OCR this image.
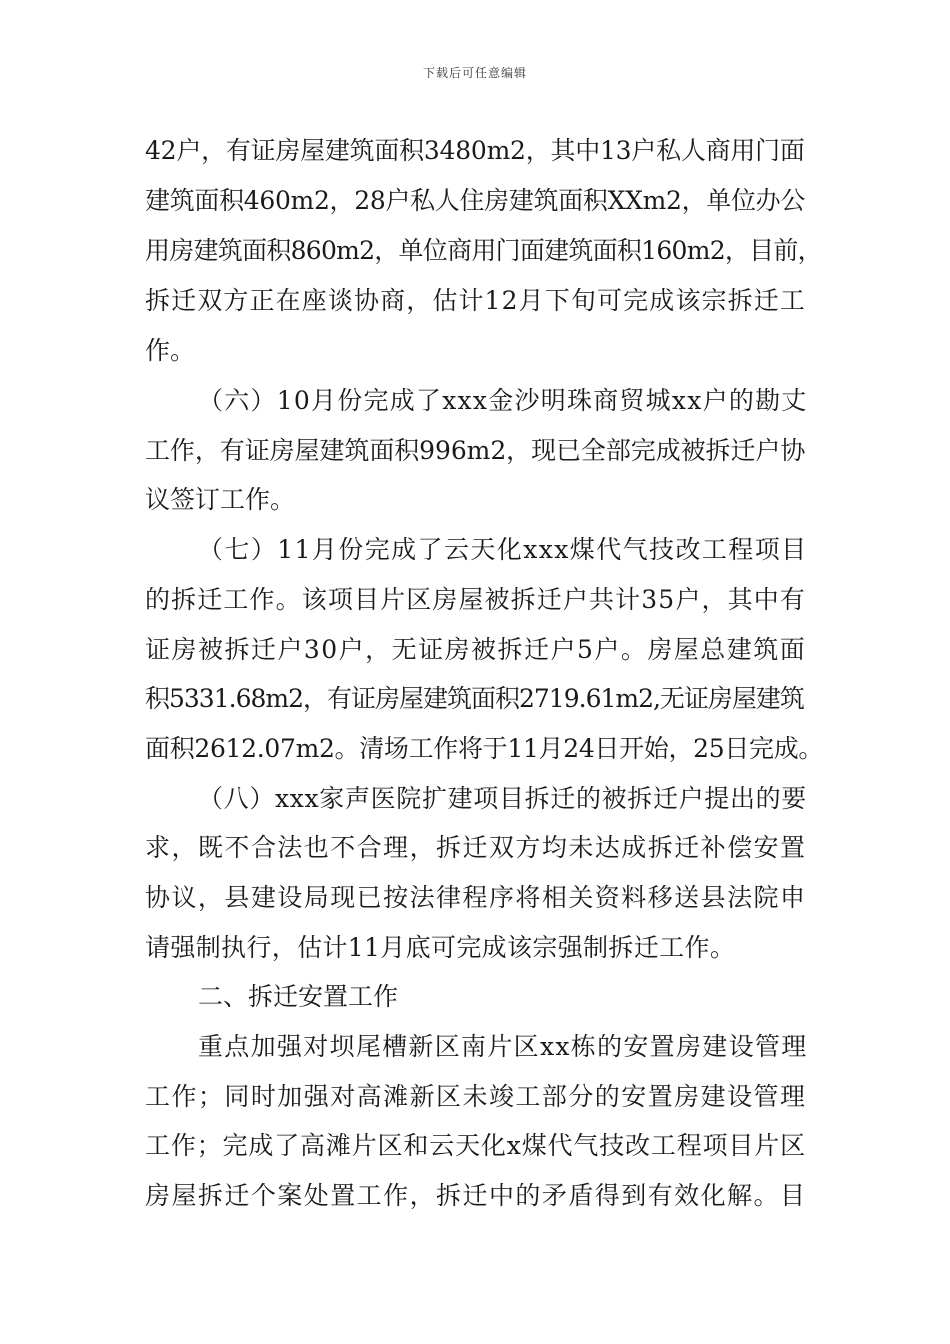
下载后可任意编辑
42户，有证房屋建筑面积3480m2，其中13户私人商用门面
建筑面积460m2，28户私人住房建筑面积XXm2，单位办公
用房建筑面积860m2，单位商用门面建筑面积160m2，目前，
拆迁双方正在座谈协商，估计12月下旬可完成该宗拆迁工
作。
（六）10月份完成了xxx金沙明珠商贸城xx户的勘丈
工作，有证房屋建筑面积996m2，现已全部完成被拆迁户协
议签订工作。
（七）11月份完成了云天化xxx煤代气技改工程项目
的拆迁工作。该项目片区房屋被拆迁户共计35户，其中有
证房被拆迁户30户，无证房被拆迁户5户。房屋总建筑面
积5331.68m2，有证房屋建筑面积2719.61m2,无证房屋建筑
面积2612.07m2。清场工作将于11月24日开始，25日完成。
（八）xxx家声医院扩建项目拆迁的被拆迁户提出的要
求，既不合法也不合理，拆迁双方均未达成拆迁补偿安置
协议，县建设局现已按法律程序将相关资料移送县法院申
请强制执行，估计11月底可完成该宗强制拆迁工作。
二、拆迁安置工作
重点加强对坝尾槽新区南片区xx栋的安置房建设管理
工作；同时加强对高滩新区未竣工部分的安置房建设管理
工作；完成了高滩片区和云天化x煤代气技改工程项目片区
房屋拆迁个案处置工作，拆迁中的矛盾得到有效化解。目
